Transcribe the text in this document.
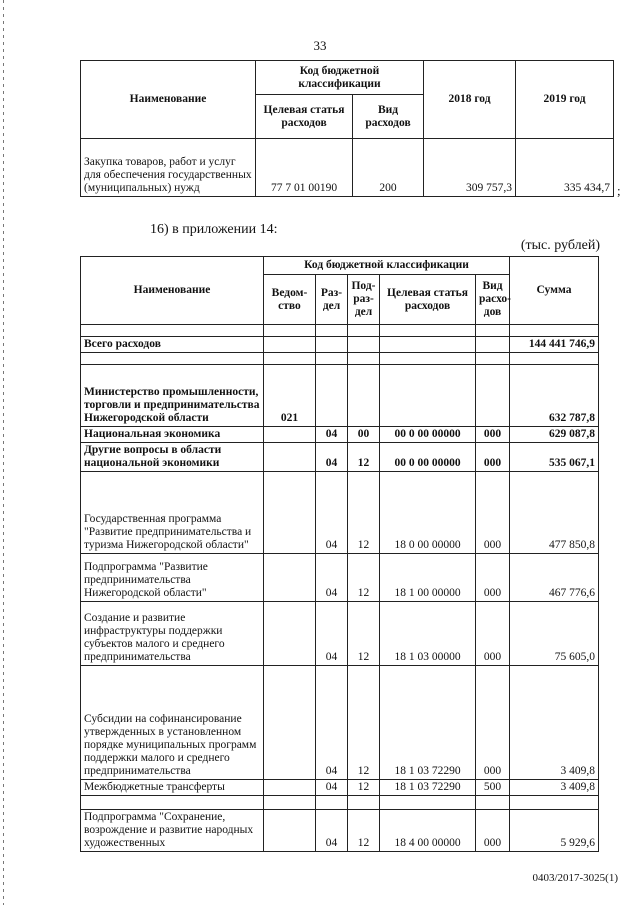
33
Наименование	Код бюджетной классификации		2018 год	2019 год
	Целевая статья расходов	Вид расходов		
Закупка товаров, работ и услуг для обеспечения государственных (муниципальных) нужд	77 7 01 00190	200	309 757,3	335 434,7 ;
16) в приложении 14:
(тыс. рублей)
Наименование	Код бюджетной классификации					Сумма
	Ведом-ство	Раз-дел	Под-раз-дел	Целевая статья расходов	Вид расхо-дов	

Всего расходов						144 441 746,9

Министерство промышленности, торговли и предпринимательства Нижегородской области	021					632 787,8
Национальная экономика		04	00	00 0 00 00000	000	629 087,8
Другие вопросы в области национальной экономики		04	12	00 0 00 00000	000	535 067,1
Государственная программа "Развитие предпринимательства и туризма Нижегородской области"		04	12	18 0 00 00000	000	477 850,8
Подпрограмма "Развитие предпринимательства Нижегородской области"		04	12	18 1 00 00000	000	467 776,6
Создание и развитие инфраструктуры поддержки субъектов малого и среднего предпринимательства		04	12	18 1 03 00000	000	75 605,0
Субсидии на софинансирование утвержденных в установленном порядке муниципальных программ поддержки малого и среднего предпринимательства		04	12	18 1 03 72290	000	3 409,8
Межбюджетные трансферты		04	12	18 1 03 72290	500	3 409,8

Подпрограмма "Сохранение, возрождение и развитие народных художественных		04	12	18 4 00 00000	000	5 929,6
0403/2017-3025(1)
